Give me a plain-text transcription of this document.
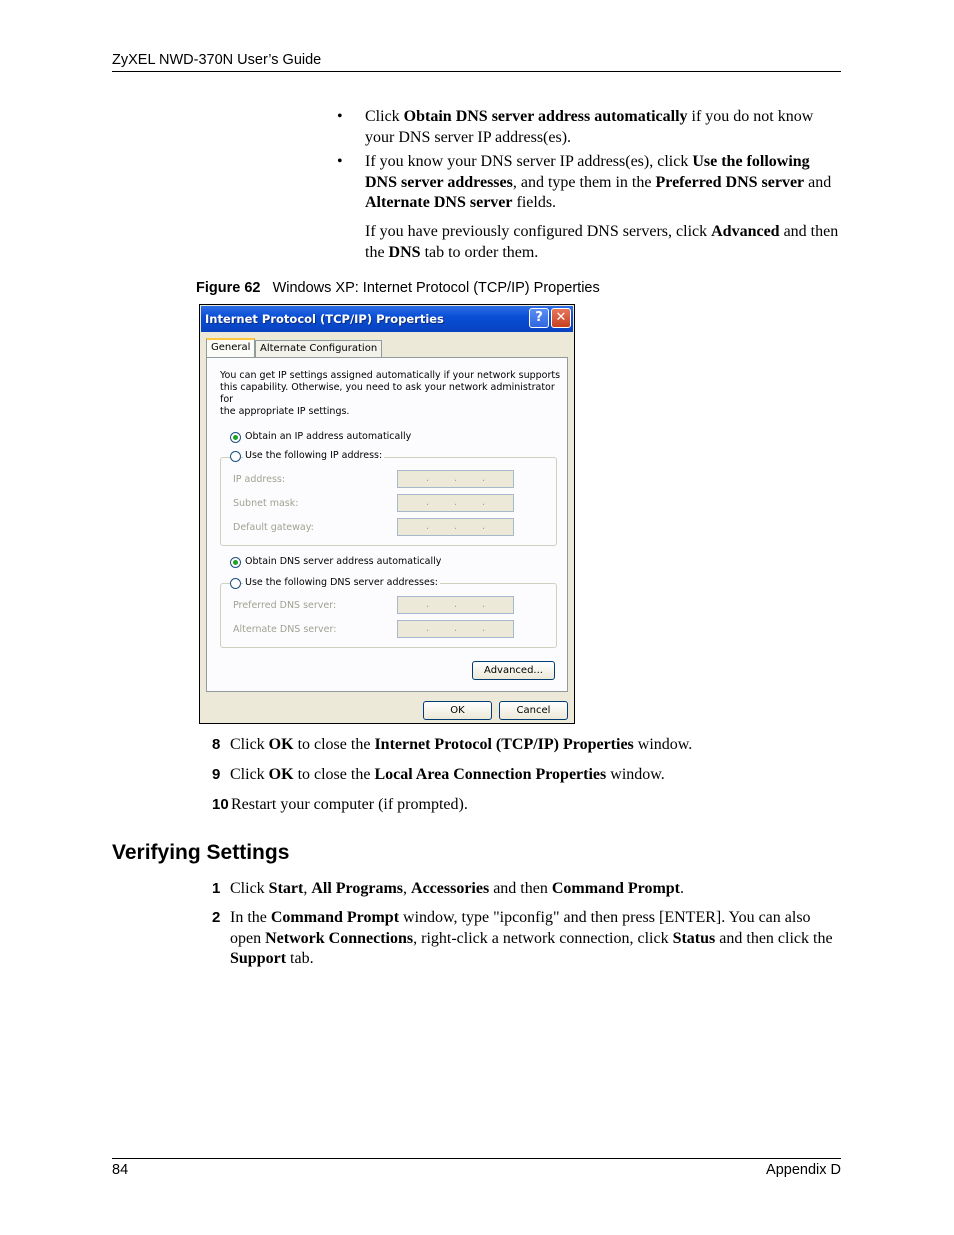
ZyXEL NWD-370N User’s Guide
• Click Obtain DNS server address automatically if you do not know your DNS server IP address(es).
• If you know your DNS server IP address(es), click Use the following DNS server addresses, and type them in the Preferred DNS server and Alternate DNS server fields.
If you have previously configured DNS servers, click Advanced and then the DNS tab to order them.
Figure 62 Windows XP: Internet Protocol (TCP/IP) Properties
Internet Protocol (TCP/IP) Properties	? ✕
General Alternate Configuration
You can get IP settings assigned automatically if your network supports
this capability. Otherwise, you need to ask your network administrator for
the appropriate IP settings.
Obtain an IP address automatically
Use the following IP address:
IP address:	. . .
Subnet mask:	. . .
Default gateway:	. . .
Obtain DNS server address automatically
Use the following DNS server addresses:
Preferred DNS server:	. . .
Alternate DNS server:	. . .
Advanced...
OK	Cancel
8 Click OK to close the Internet Protocol (TCP/IP) Properties window.
9 Click OK to close the Local Area Connection Properties window.
10 Restart your computer (if prompted).
Verifying Settings
1 Click Start, All Programs, Accessories and then Command Prompt.
2 In the Command Prompt window, type "ipconfig" and then press [ENTER]. You can also open Network Connections, right-click a network connection, click Status and then click the Support tab.
84	Appendix D
